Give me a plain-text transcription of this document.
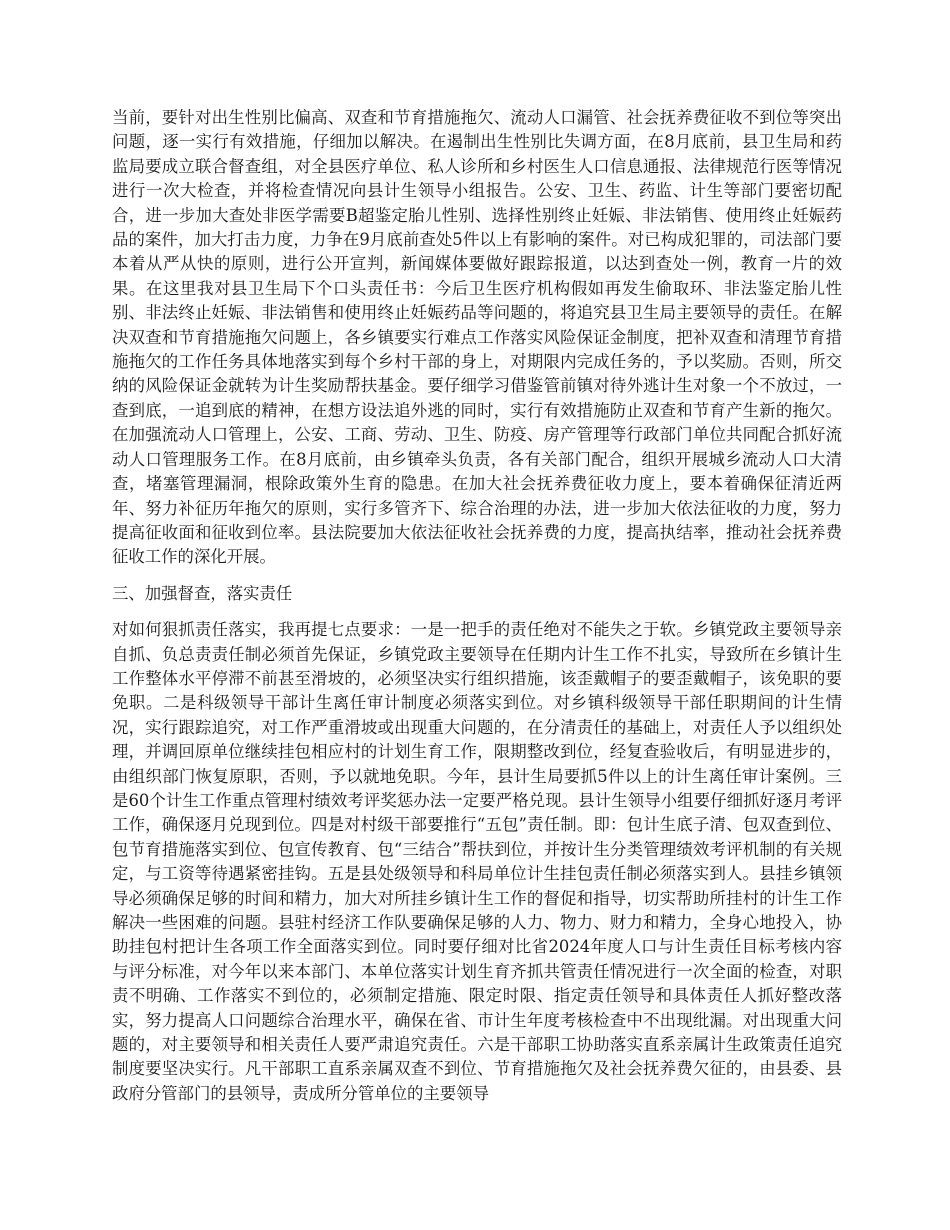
当前，要针对出生性别比偏高、双查和节育措施拖欠、流动人口漏管、社会抚养费征收不到位等突出问题，逐一实行有效措施，仔细加以解决。在遏制出生性别比失调方面，在8月底前，县卫生局和药监局要成立联合督查组，对全县医疗单位、私人诊所和乡村医生人口信息通报、法律规范行医等情况进行一次大检查，并将检查情况向县计生领导小组报告。公安、卫生、药监、计生等部门要密切配合，进一步加大查处非医学需要B超鉴定胎儿性别、选择性别终止妊娠、非法销售、使用终止妊娠药品的案件，加大打击力度，力争在9月底前查处5件以上有影响的案件。对已构成犯罪的，司法部门要本着从严从快的原则，进行公开宣判，新闻媒体要做好跟踪报道，以达到查处一例，教育一片的效果。在这里我对县卫生局下个口头责任书：今后卫生医疗机构假如再发生偷取环、非法鉴定胎儿性别、非法终止妊娠、非法销售和使用终止妊娠药品等问题的，将追究县卫生局主要领导的责任。在解决双查和节育措施拖欠问题上，各乡镇要实行难点工作落实风险保证金制度，把补双查和清理节育措施拖欠的工作任务具体地落实到每个乡村干部的身上，对期限内完成任务的，予以奖励。否则，所交纳的风险保证金就转为计生奖励帮扶基金。要仔细学习借鉴管前镇对待外逃计生对象一个不放过，一查到底，一追到底的精神，在想方设法追外逃的同时，实行有效措施防止双查和节育产生新的拖欠。在加强流动人口管理上，公安、工商、劳动、卫生、防疫、房产管理等行政部门单位共同配合抓好流动人口管理服务工作。在8月底前，由乡镇牵头负责，各有关部门配合，组织开展城乡流动人口大清查，堵塞管理漏洞，根除政策外生育的隐患。在加大社会抚养费征收力度上，要本着确保征清近两年、努力补征历年拖欠的原则，实行多管齐下、综合治理的办法，进一步加大依法征收的力度，努力提高征收面和征收到位率。县法院要加大依法征收社会抚养费的力度，提高执结率，推动社会抚养费征收工作的深化开展。

三、加强督查，落实责任

对如何狠抓责任落实，我再提七点要求：一是一把手的责任绝对不能失之于软。乡镇党政主要领导亲自抓、负总责责任制必须首先保证，乡镇党政主要领导在任期内计生工作不扎实，导致所在乡镇计生工作整体水平停滞不前甚至滑坡的，必须坚决实行组织措施，该歪戴帽子的要歪戴帽子，该免职的要免职。二是科级领导干部计生离任审计制度必须落实到位。对乡镇科级领导干部任职期间的计生情况，实行跟踪追究，对工作严重滑坡或出现重大问题的，在分清责任的基础上，对责任人予以组织处理，并调回原单位继续挂包相应村的计划生育工作，限期整改到位，经复查验收后，有明显进步的，由组织部门恢复原职，否则，予以就地免职。今年，县计生局要抓5件以上的计生离任审计案例。三是60个计生工作重点管理村绩效考评奖惩办法一定要严格兑现。县计生领导小组要仔细抓好逐月考评工作，确保逐月兑现到位。四是对村级干部要推行“五包”责任制。即：包计生底子清、包双查到位、包节育措施落实到位、包宣传教育、包“三结合”帮扶到位，并按计生分类管理绩效考评机制的有关规定，与工资等待遇紧密挂钩。五是县处级领导和科局单位计生挂包责任制必须落实到人。县挂乡镇领导必须确保足够的时间和精力，加大对所挂乡镇计生工作的督促和指导，切实帮助所挂村的计生工作解决一些困难的问题。县驻村经济工作队要确保足够的人力、物力、财力和精力，全身心地投入，协助挂包村把计生各项工作全面落实到位。同时要仔细对比省2024年度人口与计生责任目标考核内容与评分标准，对今年以来本部门、本单位落实计划生育齐抓共管责任情况进行一次全面的检查，对职责不明确、工作落实不到位的，必须制定措施、限定时限、指定责任领导和具体责任人抓好整改落实，努力提高人口问题综合治理水平，确保在省、市计生年度考核检查中不出现纰漏。对出现重大问题的，对主要领导和相关责任人要严肃追究责任。六是干部职工协助落实直系亲属计生政策责任追究制度要坚决实行。凡干部职工直系亲属双查不到位、节育措施拖欠及社会抚养费欠征的，由县委、县政府分管部门的县领导，责成所分管单位的主要领导
